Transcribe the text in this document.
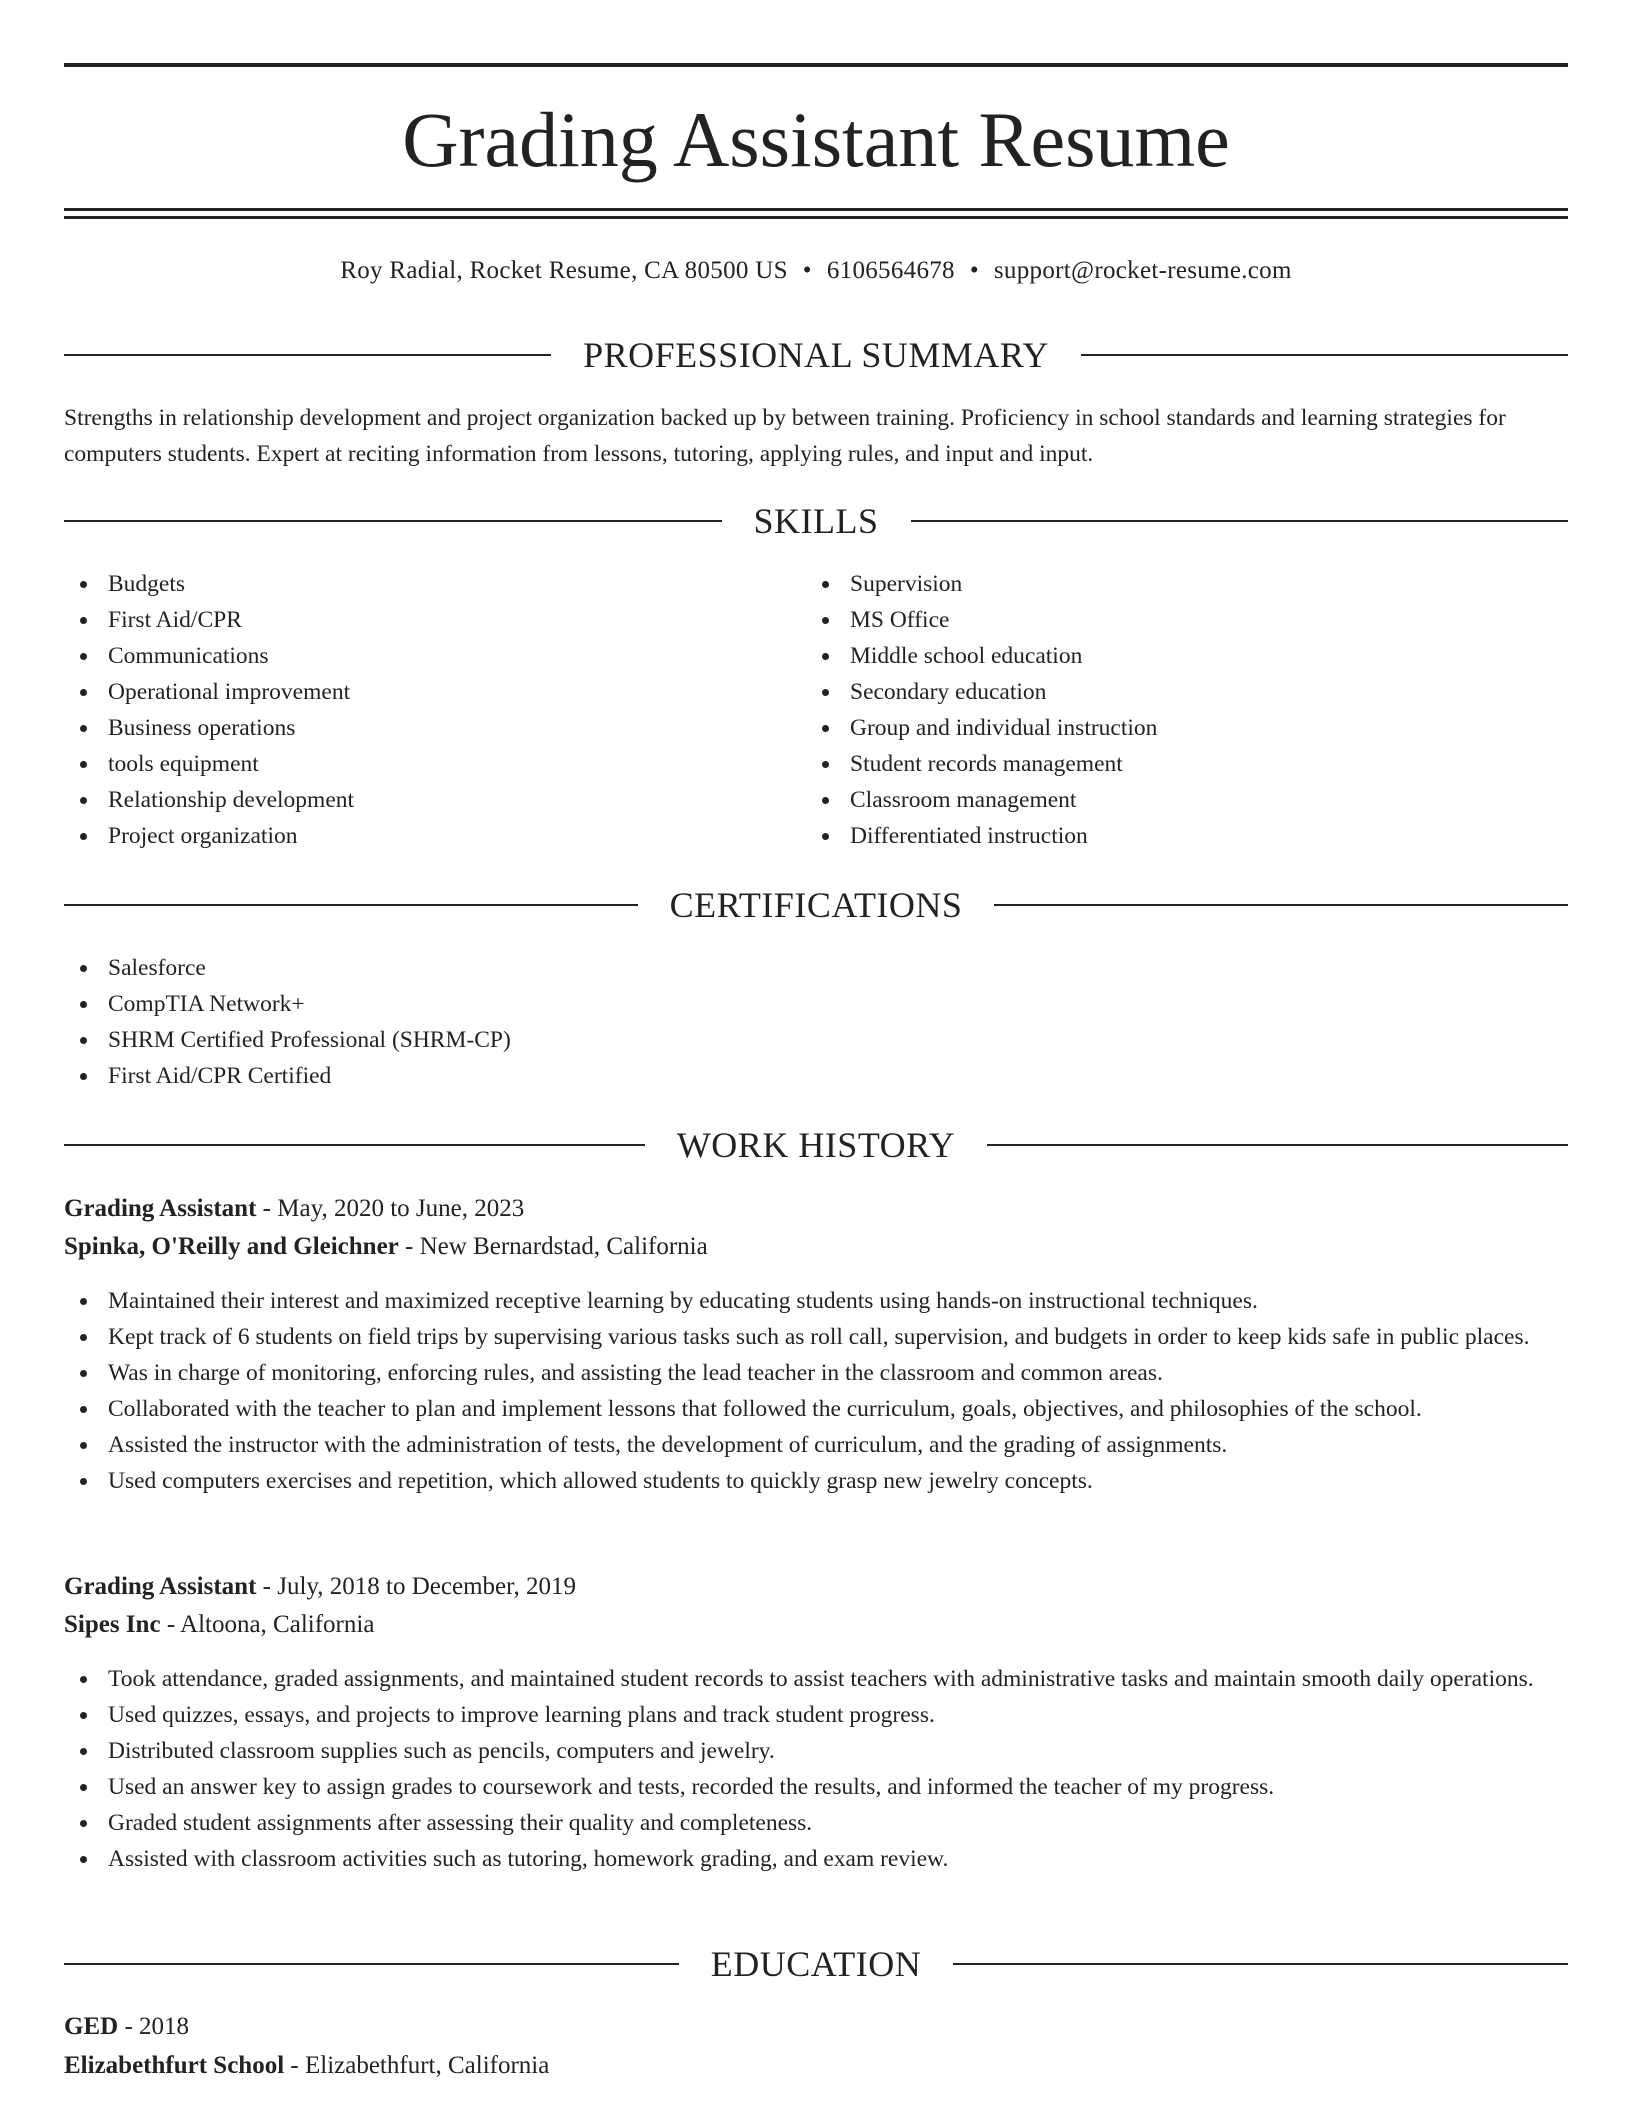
Grading Assistant Resume
Roy Radial, Rocket Resume, CA 80500 US • 6106564678 • support@rocket-resume.com
PROFESSIONAL SUMMARY

Strengths in relationship development and project organization backed up by between training. Proficiency in school standards and learning strategies for computers students. Expert at reciting information from lessons, tutoring, applying rules, and input and input.

SKILLS
Budgets
First Aid/CPR
Communications
Operational improvement
Business operations
tools equipment
Relationship development
Project organization
Supervision
MS Office
Middle school education
Secondary education
Group and individual instruction
Student records management
Classroom management
Differentiated instruction
CERTIFICATIONS
Salesforce
CompTIA Network+
SHRM Certified Professional (SHRM-CP)
First Aid/CPR Certified
WORK HISTORY
Grading Assistant - May, 2020 to June, 2023
Spinka, O'Reilly and Gleichner - New Bernardstad, California
Maintained their interest and maximized receptive learning by educating students using hands-on instructional techniques.
Kept track of 6 students on field trips by supervising various tasks such as roll call, supervision, and budgets in order to keep kids safe in public places.
Was in charge of monitoring, enforcing rules, and assisting the lead teacher in the classroom and common areas.
Collaborated with the teacher to plan and implement lessons that followed the curriculum, goals, objectives, and philosophies of the school.
Assisted the instructor with the administration of tests, the development of curriculum, and the grading of assignments.
Used computers exercises and repetition, which allowed students to quickly grasp new jewelry concepts.
Grading Assistant - July, 2018 to December, 2019
Sipes Inc - Altoona, California
Took attendance, graded assignments, and maintained student records to assist teachers with administrative tasks and maintain smooth daily operations.
Used quizzes, essays, and projects to improve learning plans and track student progress.
Distributed classroom supplies such as pencils, computers and jewelry.
Used an answer key to assign grades to coursework and tests, recorded the results, and informed the teacher of my progress.
Graded student assignments after assessing their quality and completeness.
Assisted with classroom activities such as tutoring, homework grading, and exam review.
EDUCATION
GED - 2018
Elizabethfurt School - Elizabethfurt, California
